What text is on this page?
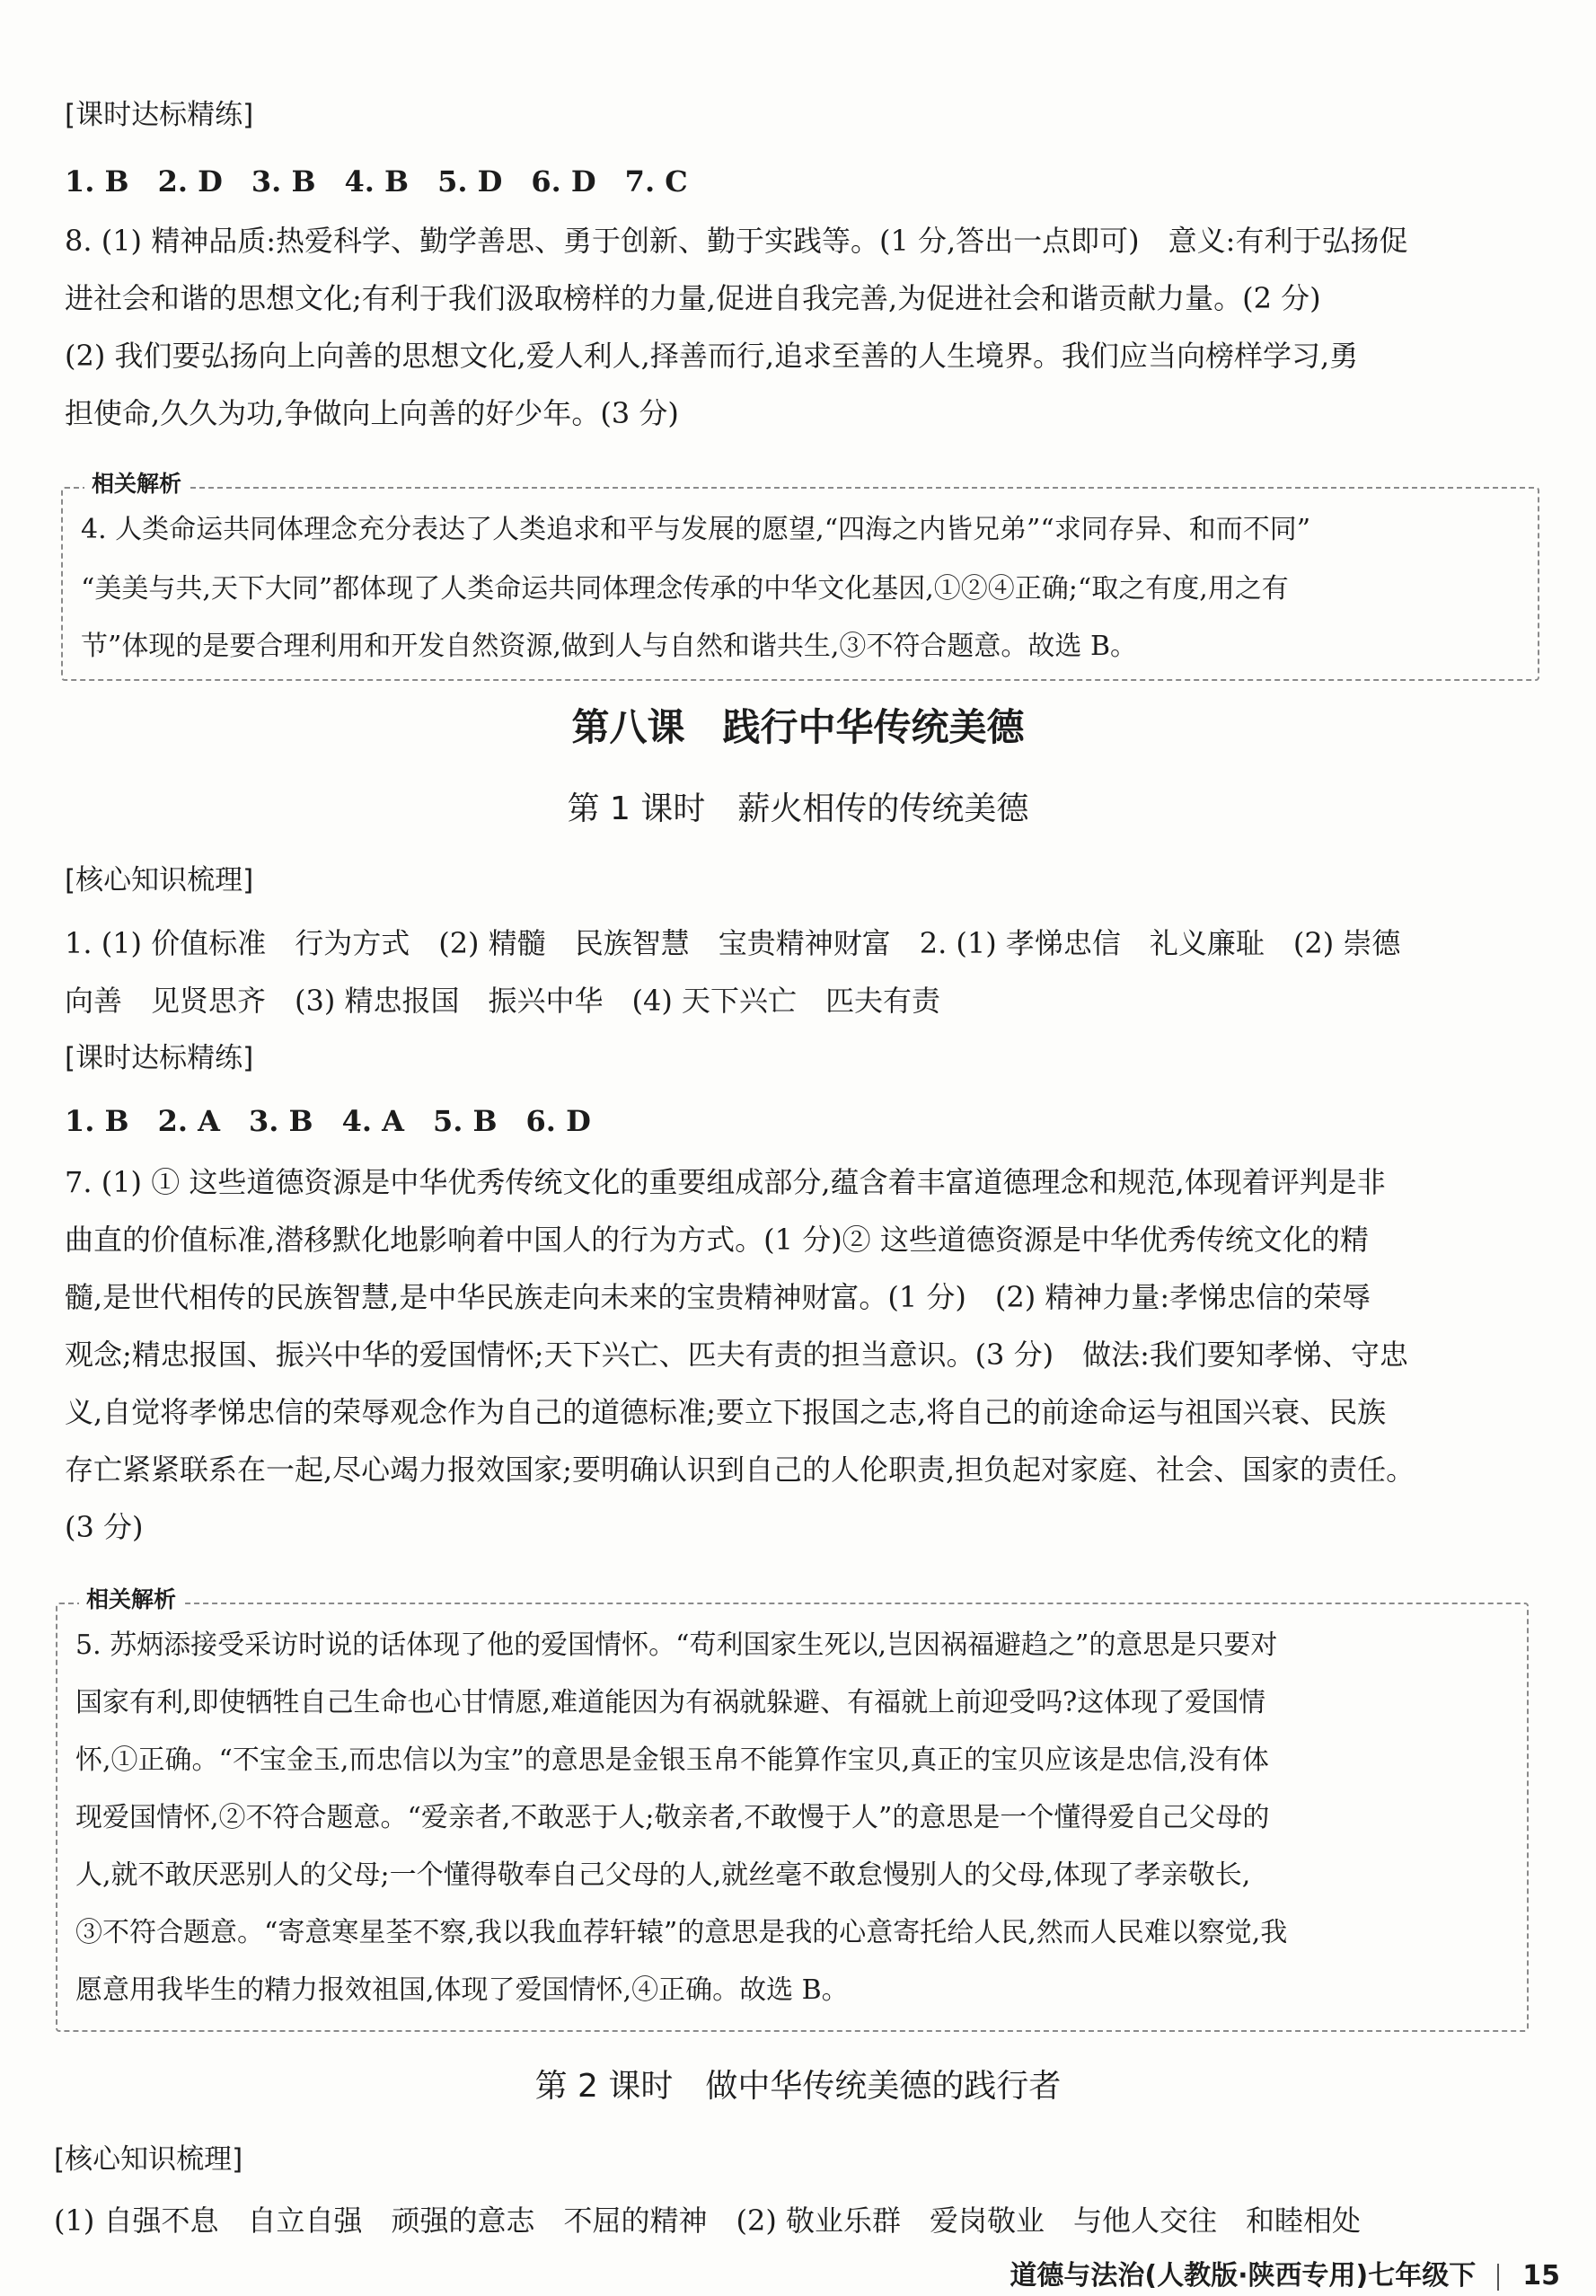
[课时达标精练]
1. B　2. D　3. B　4. B　5. D　6. D　7. C
8. (1) 精神品质:热爱科学、勤学善思、勇于创新、勤于实践等。(1 分,答出一点即可)　意义:有利于弘扬促
进社会和谐的思想文化;有利于我们汲取榜样的力量,促进自我完善,为促进社会和谐贡献力量。(2 分)
(2) 我们要弘扬向上向善的思想文化,爱人利人,择善而行,追求至善的人生境界。我们应当向榜样学习,勇
担使命,久久为功,争做向上向善的好少年。(3 分)
相关解析
4. 人类命运共同体理念充分表达了人类追求和平与发展的愿望,“四海之内皆兄弟”“求同存异、和而不同”
“美美与共,天下大同”都体现了人类命运共同体理念传承的中华文化基因,①②④正确;“取之有度,用之有
节”体现的是要合理利用和开发自然资源,做到人与自然和谐共生,③不符合题意。故选 B。
第八课　践行中华传统美德
第 1 课时　薪火相传的传统美德
[核心知识梳理]
1. (1) 价值标准　行为方式　(2) 精髓　民族智慧　宝贵精神财富　2. (1) 孝悌忠信　礼义廉耻　(2) 崇德
向善　见贤思齐　(3) 精忠报国　振兴中华　(4) 天下兴亡　匹夫有责
[课时达标精练]
1. B　2. A　3. B　4. A　5. B　6. D
7. (1) ① 这些道德资源是中华优秀传统文化的重要组成部分,蕴含着丰富道德理念和规范,体现着评判是非
曲直的价值标准,潜移默化地影响着中国人的行为方式。(1 分)② 这些道德资源是中华优秀传统文化的精
髓,是世代相传的民族智慧,是中华民族走向未来的宝贵精神财富。(1 分)　(2) 精神力量:孝悌忠信的荣辱
观念;精忠报国、振兴中华的爱国情怀;天下兴亡、匹夫有责的担当意识。(3 分)　做法:我们要知孝悌、守忠
义,自觉将孝悌忠信的荣辱观念作为自己的道德标准;要立下报国之志,将自己的前途命运与祖国兴衰、民族
存亡紧紧联系在一起,尽心竭力报效国家;要明确认识到自己的人伦职责,担负起对家庭、社会、国家的责任。
(3 分)
相关解析
5. 苏炳添接受采访时说的话体现了他的爱国情怀。“苟利国家生死以,岂因祸福避趋之”的意思是只要对
国家有利,即使牺牲自己生命也心甘情愿,难道能因为有祸就躲避、有福就上前迎受吗?这体现了爱国情
怀,①正确。“不宝金玉,而忠信以为宝”的意思是金银玉帛不能算作宝贝,真正的宝贝应该是忠信,没有体
现爱国情怀,②不符合题意。“爱亲者,不敢恶于人;敬亲者,不敢慢于人”的意思是一个懂得爱自己父母的
人,就不敢厌恶别人的父母;一个懂得敬奉自己父母的人,就丝毫不敢怠慢别人的父母,体现了孝亲敬长,
③不符合题意。“寄意寒星荃不察,我以我血荐轩辕”的意思是我的心意寄托给人民,然而人民难以察觉,我
愿意用我毕生的精力报效祖国,体现了爱国情怀,④正确。故选 B。
第 2 课时　做中华传统美德的践行者
[核心知识梳理]
(1) 自强不息　自立自强　顽强的意志　不屈的精神　(2) 敬业乐群　爱岗敬业　与他人交往　和睦相处
道德与法治(人教版·陕西专用)七年级下 15
